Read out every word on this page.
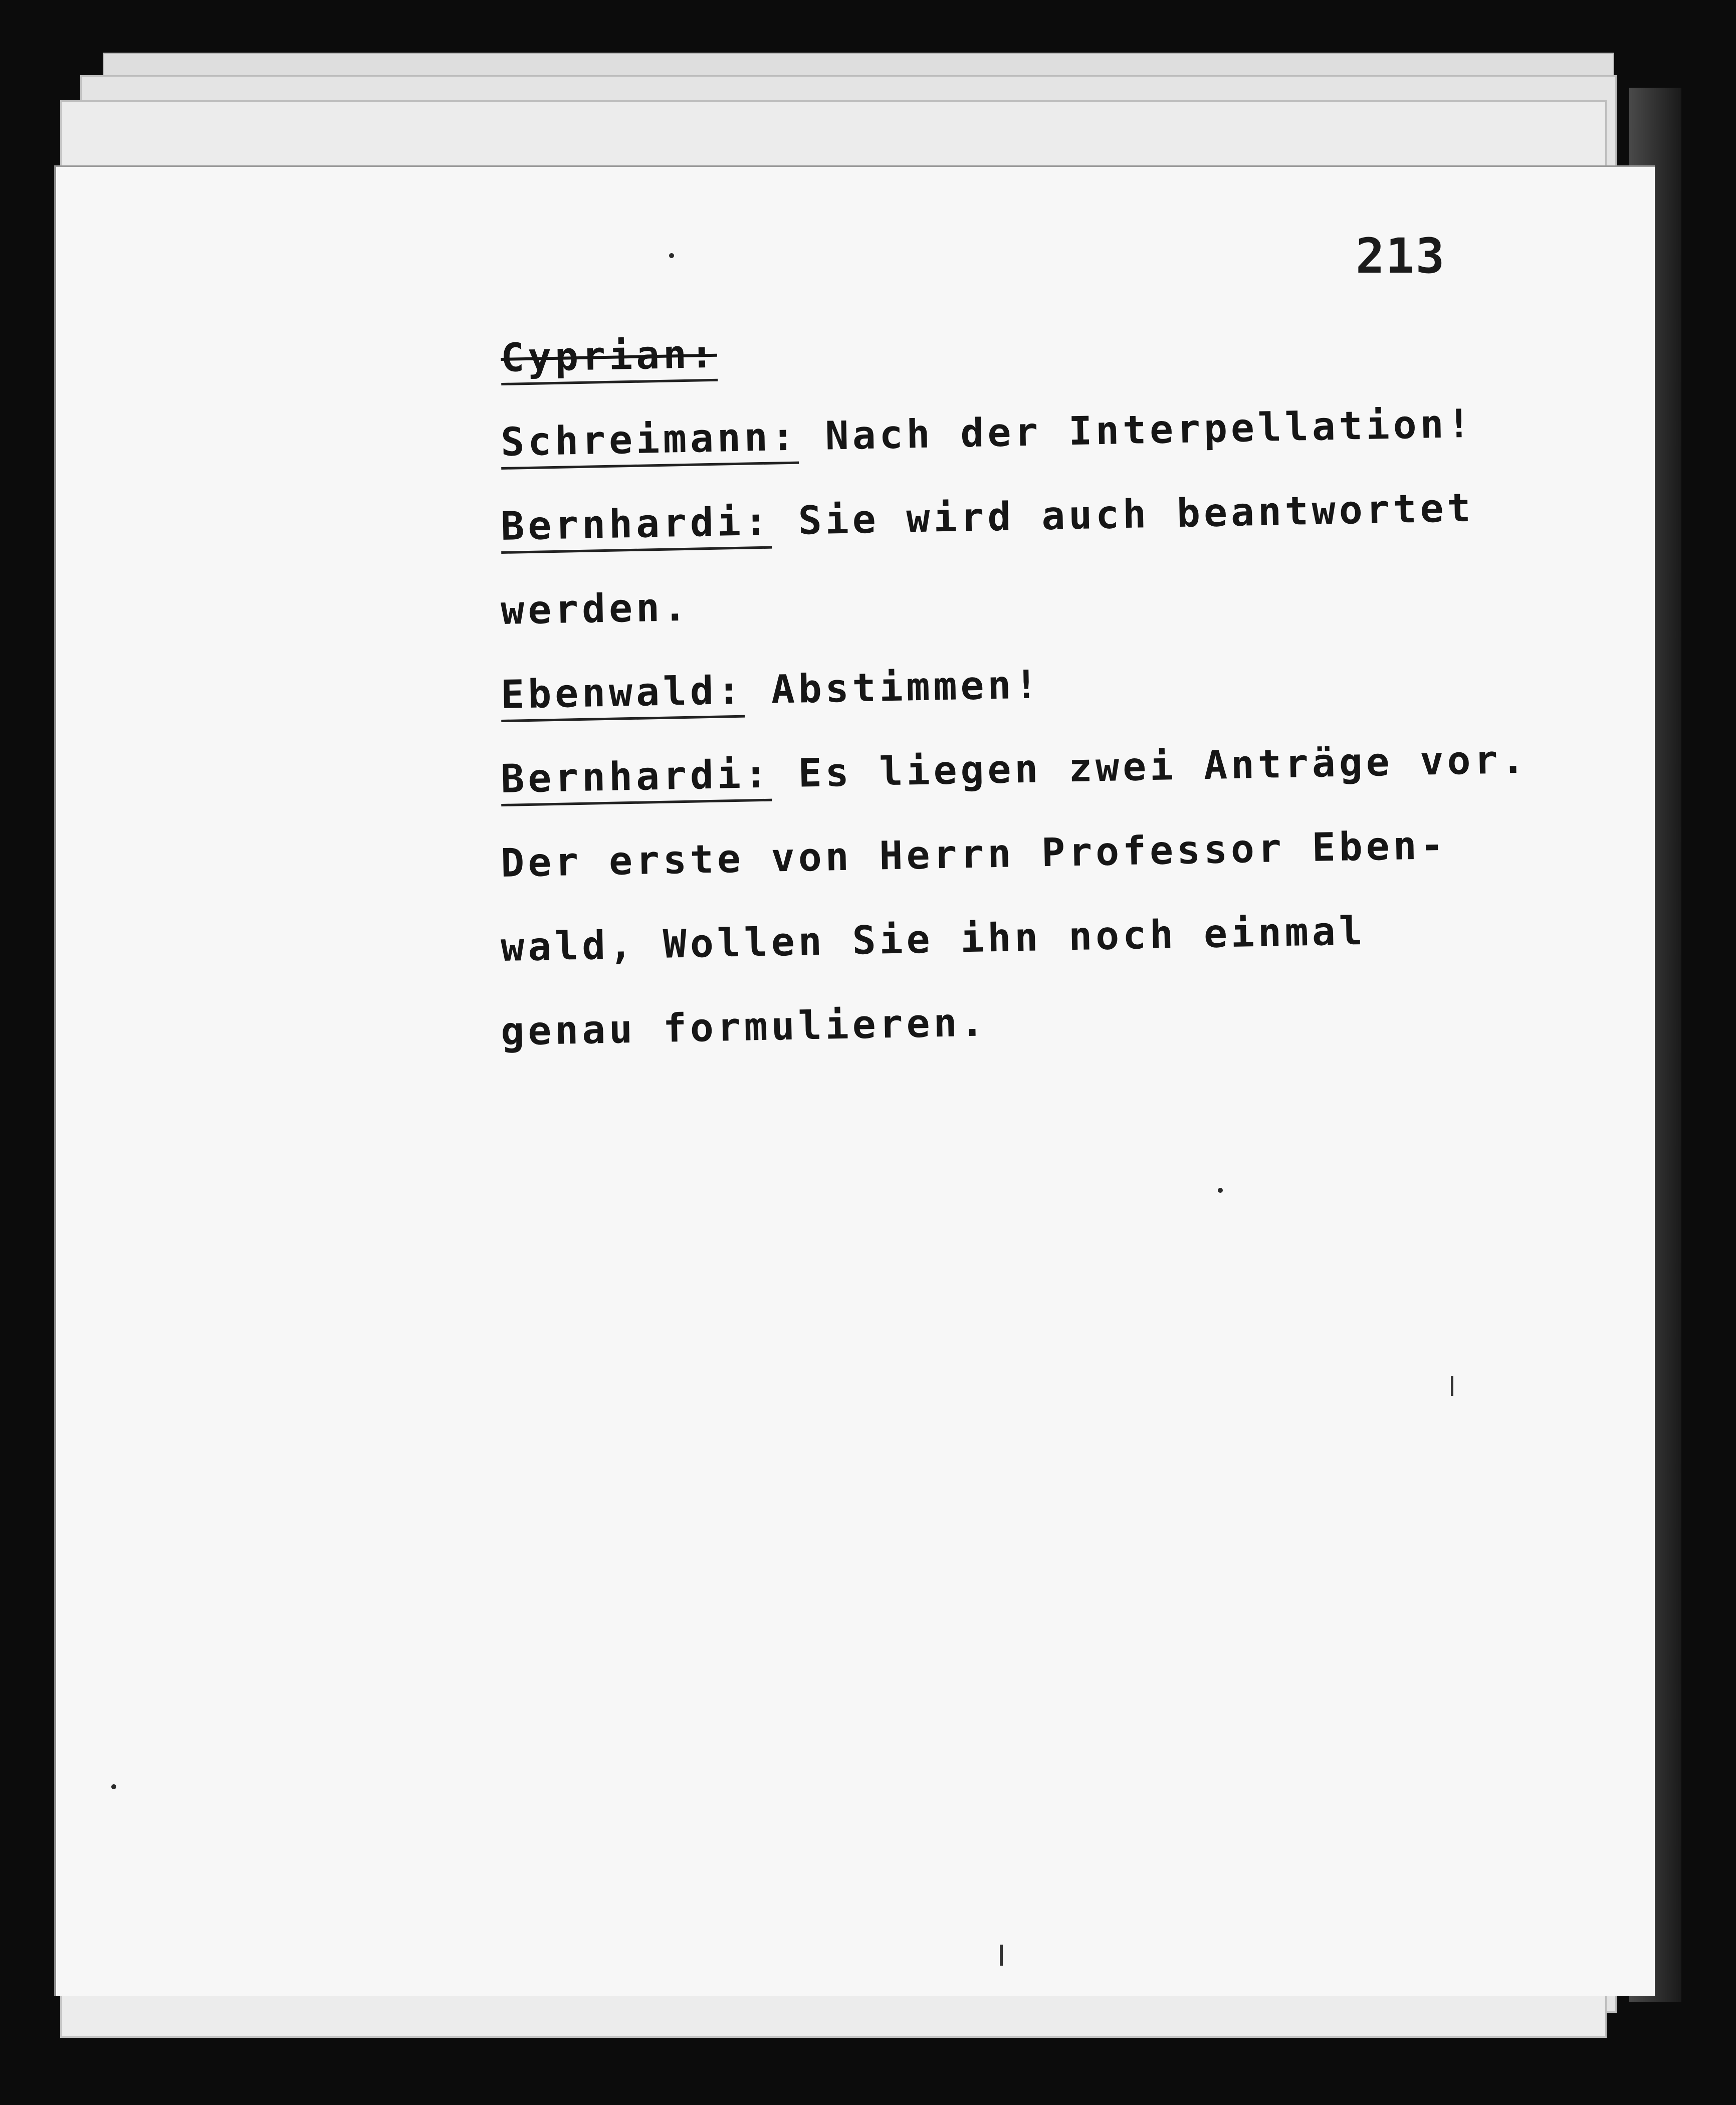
213
Cyprian:
Schreimann: Nach der Interpellation!
Bernhardi: Sie wird auch beantwortet
werden.
Ebenwald: Abstimmen!
Bernhardi: Es liegen zwei Anträge vor.
Der erste von Herrn Professor Eben-
wald, Wollen Sie ihn noch einmal
genau formulieren.
